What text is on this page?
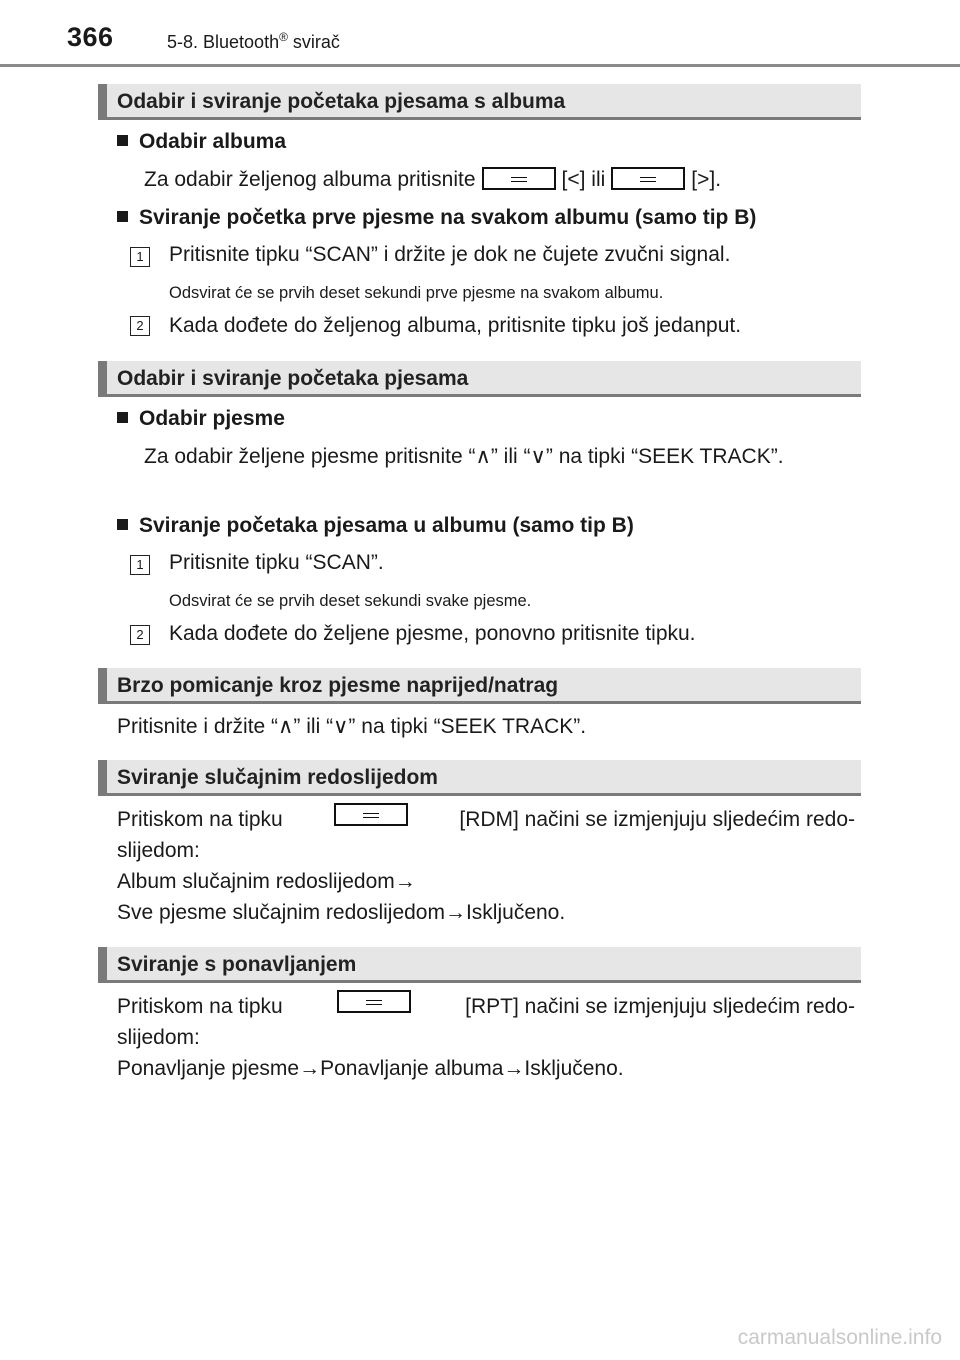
366	5-8. Bluetooth® svirač
Odabir i sviranje početaka pjesama s albuma
Odabir albuma
Za odabir željenog albuma pritisnite	[<] ili	[>].
Sviranje početka prve pjesme na svakom albumu (samo tip B)
1	Pritisnite tipku “SCAN” i držite je dok ne čujete zvučni signal.
Odsvirat će se prvih deset sekundi prve pjesme na svakom albumu.
2	Kada dođete do željenog albuma, pritisnite tipku još jedanput.
Odabir i sviranje početaka pjesama
Odabir pjesme
Za odabir željene pjesme pritisnite “∧” ili “∨” na tipki “SEEK TRACK”.
Sviranje početaka pjesama u albumu (samo tip B)
1	Pritisnite tipku “SCAN”.
Odsvirat će se prvih deset sekundi svake pjesme.
2	Kada dođete do željene pjesme, ponovno pritisnite tipku.
Brzo pomicanje kroz pjesme naprijed/natrag
Pritisnite i držite “∧” ili “∨” na tipki “SEEK TRACK”.
Sviranje slučajnim redoslijedom
Pritiskom na tipku	[RDM] načini se izmjenjuju sljedećim redo-
slijedom:
Album slučajnim redoslijedom→
Sve pjesme slučajnim redoslijedom→Isključeno.
Sviranje s ponavljanjem
Pritiskom na tipku	[RPT] načini se izmjenjuju sljedećim redo-
slijedom:
Ponavljanje pjesme→Ponavljanje albuma→Isključeno.
carmanualsonline.info
